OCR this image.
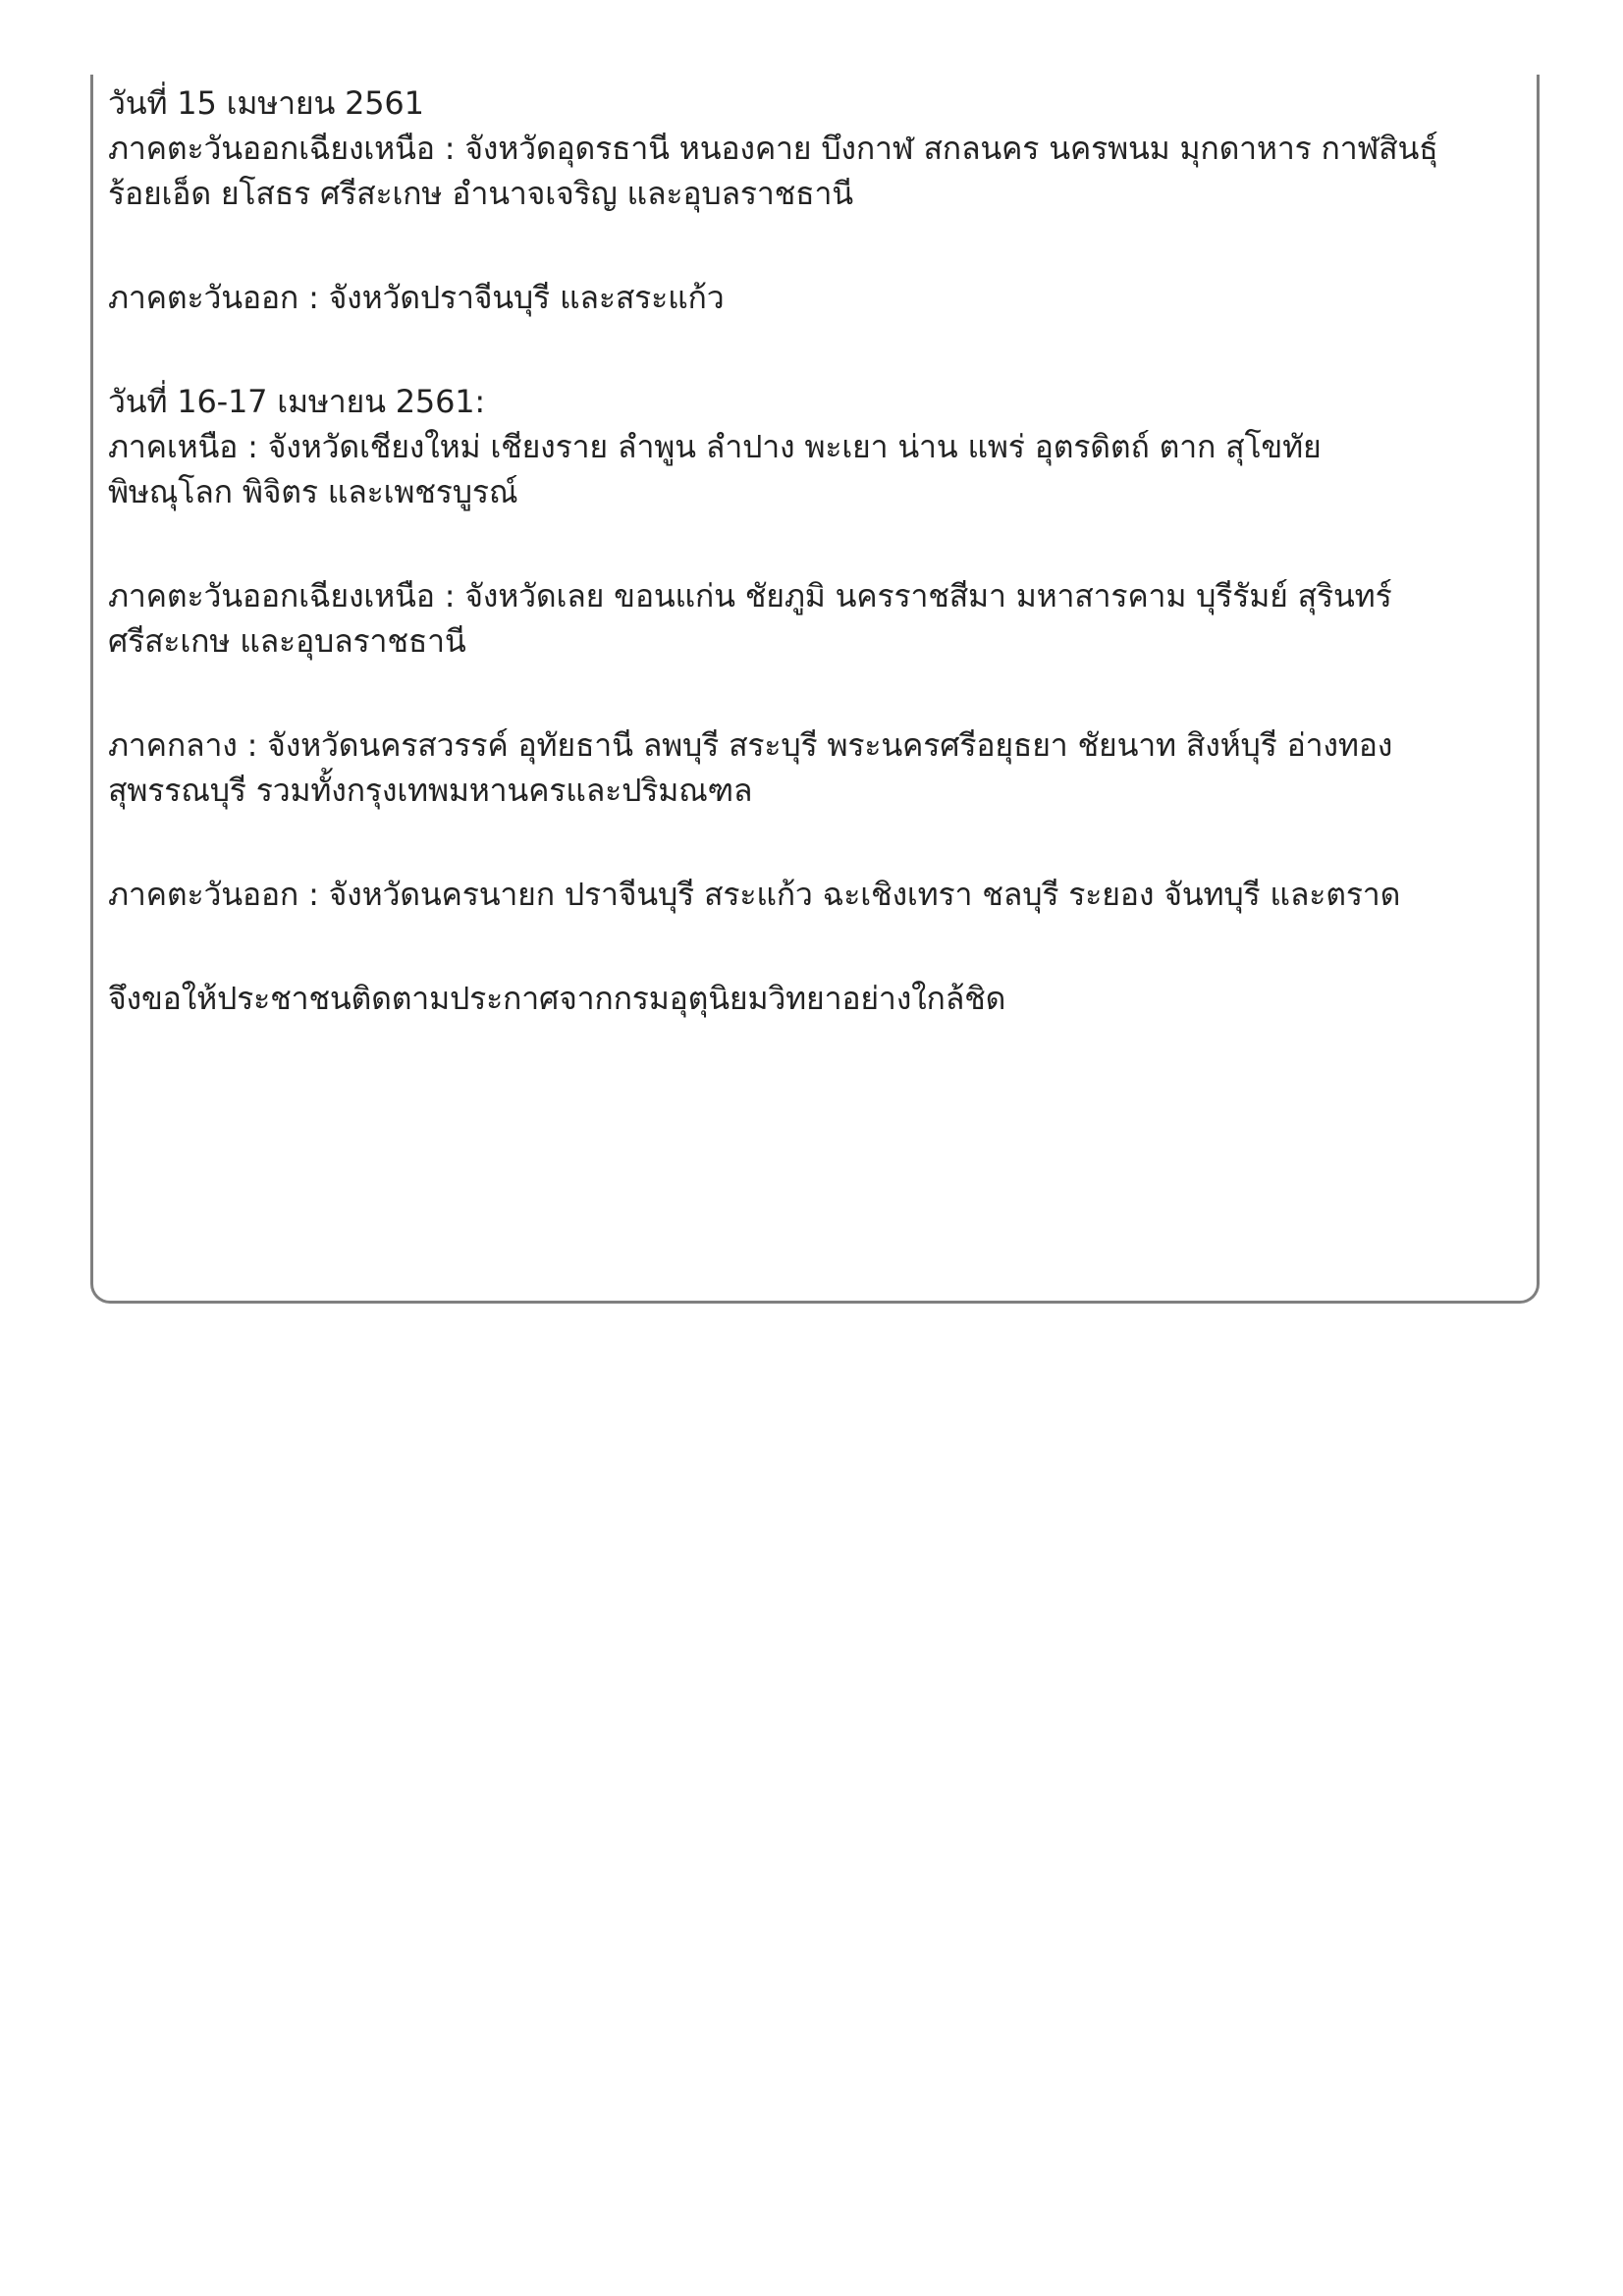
วันที่ 15 เมษายน 2561
ภาคตะวันออกเฉียงเหนือ : จังหวัดอุดรธานี หนองคาย บึงกาฬ สกลนคร นครพนม มุกดาหาร กาฬสินธุ์
ร้อยเอ็ด ยโสธร ศรีสะเกษ อำนาจเจริญ และอุบลราชธานี
ภาคตะวันออก : จังหวัดปราจีนบุรี และสระแก้ว
วันที่ 16-17 เมษายน 2561:
ภาคเหนือ : จังหวัดเชียงใหม่ เชียงราย ลำพูน ลำปาง พะเยา น่าน แพร่ อุตรดิตถ์ ตาก สุโขทัย
พิษณุโลก พิจิตร และเพชรบูรณ์
ภาคตะวันออกเฉียงเหนือ : จังหวัดเลย ขอนแก่น ชัยภูมิ นครราชสีมา มหาสารคาม บุรีรัมย์ สุรินทร์
ศรีสะเกษ และอุบลราชธานี
ภาคกลาง : จังหวัดนครสวรรค์ อุทัยธานี ลพบุรี สระบุรี พระนครศรีอยุธยา ชัยนาท สิงห์บุรี อ่างทอง
สุพรรณบุรี รวมทั้งกรุงเทพมหานครและปริมณฑล
ภาคตะวันออก : จังหวัดนครนายก ปราจีนบุรี สระแก้ว ฉะเชิงเทรา ชลบุรี ระยอง จันทบุรี และตราด
จึงขอให้ประชาชนติดตามประกาศจากกรมอุตุนิยมวิทยาอย่างใกล้ชิด
